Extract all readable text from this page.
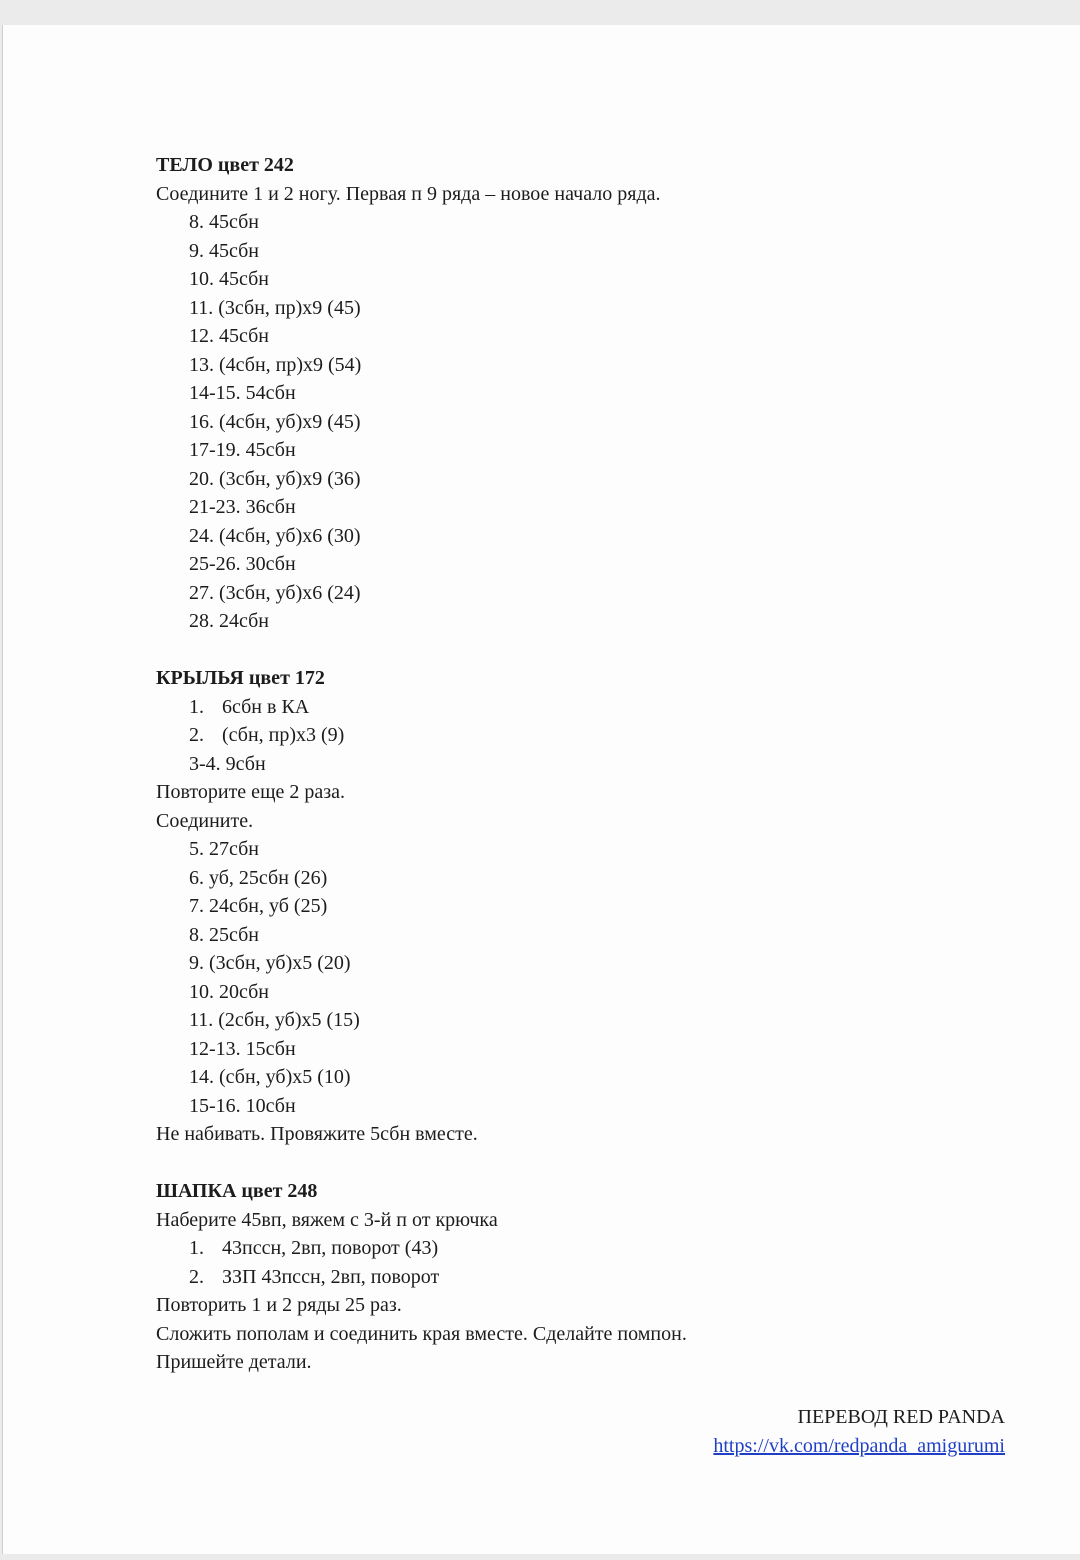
ТЕЛО цвет 242
Соедините 1 и 2 ногу. Первая п 9 ряда – новое начало ряда.
8. 45сбн
9. 45сбн
10. 45сбн
11. (3сбн, пр)х9 (45)
12. 45сбн
13. (4сбн, пр)х9 (54)
14-15. 54сбн
16. (4сбн, уб)х9 (45)
17-19. 45сбн
20. (3сбн, уб)х9 (36)
21-23. 36сбн
24. (4сбн, уб)х6 (30)
25-26. 30сбн
27. (3сбн, уб)х6 (24)
28. 24сбн
КРЫЛЬЯ цвет 172
1. 6сбн в КА
2. (сбн, пр)х3 (9)
3-4. 9сбн
Повторите еще 2 раза.
Соедините.
5. 27сбн
6. уб, 25сбн (26)
7. 24сбн, уб (25)
8. 25сбн
9. (3сбн, уб)х5 (20)
10. 20сбн
11. (2сбн, уб)х5 (15)
12-13. 15сбн
14. (сбн, уб)х5 (10)
15-16. 10сбн
Не набивать. Провяжите 5сбн вместе.
ШАПКА цвет 248
Наберите 45вп, вяжем с 3-й п от крючка
1. 43пссн, 2вп, поворот (43)
2. ЗЗП 43пссн, 2вп, поворот
Повторить 1 и 2 ряды 25 раз.
Сложить пополам и соединить края вместе. Сделайте помпон.
Пришейте детали.
ПЕРЕВОД RED PANDA
https://vk.com/redpanda_amigurumi
